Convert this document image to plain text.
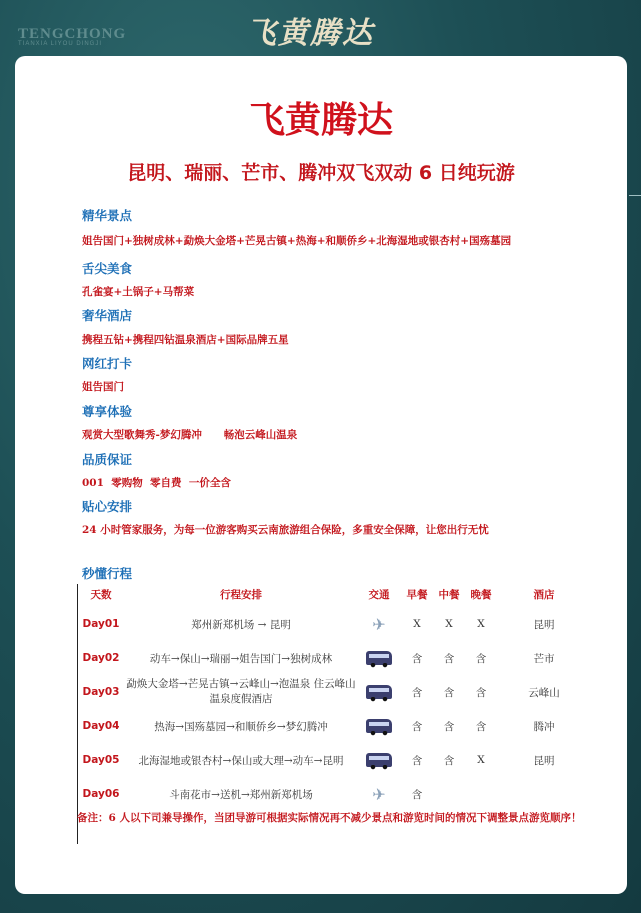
TENGCHONG
TIANXIA LIYOU DINGJI	飞黄腾达
飞黄腾达
昆明、瑞丽、芒市、腾冲双飞双动 6 日纯玩游
精华景点
姐告国门+独树成林+勐焕大金塔+芒晃古镇+热海+和顺侨乡+北海湿地或银杏村+国殇墓园
舌尖美食
孔雀宴+土锅子+马帮菜
奢华酒店
携程五钻+携程四钻温泉酒店+国际品牌五星
网红打卡
姐告国门
尊享体验
观赏大型歌舞秀-梦幻腾冲      畅泡云峰山温泉
品质保证
001  零购物  零自费  一价全含
贴心安排
24 小时管家服务，为每一位游客购买云南旅游组合保险，多重安全保障，让您出行无忧
秒懂行程
天数	行程安排	交通	早餐	中餐	晚餐	酒店
Day01	郑州新郑机场 → 昆明	✈	X	X	X	昆明
Day02	动车→保山→瑞丽→姐告国门→独树成林		含	含	含	芒市
Day03	勐焕大金塔→芒晃古镇→云峰山→泡温泉 住云峰山温泉度假酒店		含	含	含	云峰山
Day04	热海→国殇墓园→和顺侨乡→梦幻腾冲		含	含	含	腾冲
Day05	北海湿地或银杏村→保山或大理→动车→昆明		含	含	X	昆明
Day06	斗南花市→送机→郑州新郑机场	✈	含			
备注：6 人以下司兼导操作，当团导游可根据实际情况再不减少景点和游览时间的情况下调整景点游览顺序！
